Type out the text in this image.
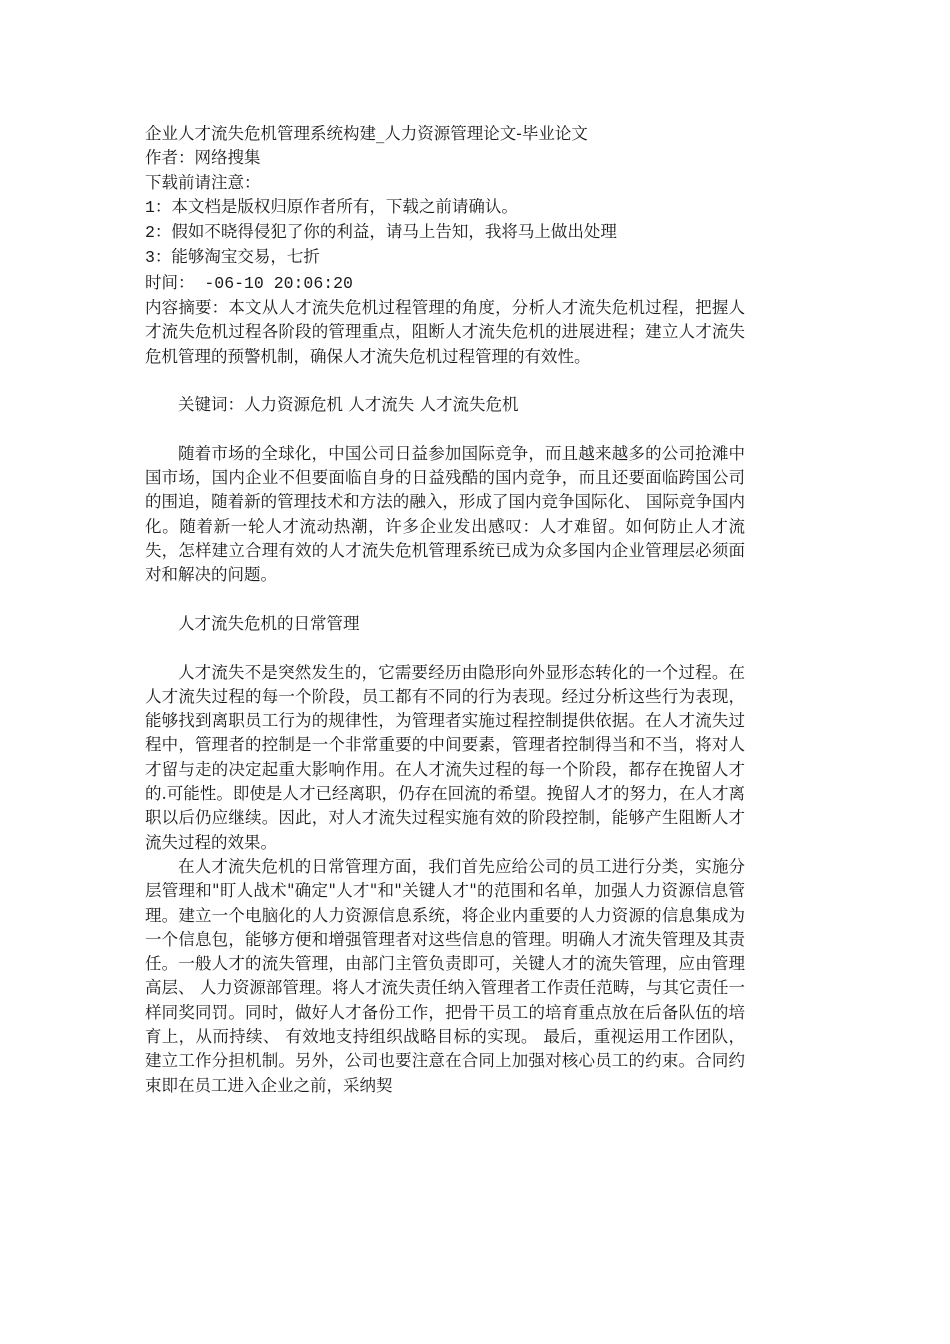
企业人才流失危机管理系统构建_人力资源管理论文-毕业论文

作者：网络搜集

下载前请注意：

1：本文档是版权归原作者所有，下载之前请确认。

2：假如不晓得侵犯了你的利益，请马上告知，我将马上做出处理

3：能够淘宝交易，七折

时间： -06-10 20:06:20

内容摘要：本文从人才流失危机过程管理的角度，分析人才流失危机过程，把握人才流失危机过程各阶段的管理重点，阻断人才流失危机的进展进程；建立人才流失危机管理的预警机制，确保人才流失危机过程管理的有效性。

关键词：人力资源危机 人才流失 人才流失危机

随着市场的全球化，中国公司日益参加国际竞争，而且越来越多的公司抢滩中国市场，国内企业不但要面临自身的日益残酷的国内竞争，而且还要面临跨国公司的围追，随着新的管理技术和方法的融入，形成了国内竞争国际化、 国际竞争国内化。随着新一轮人才流动热潮，许多企业发出感叹：人才难留。如何防止人才流失，怎样建立合理有效的人才流失危机管理系统已成为众多国内企业管理层必须面对和解决的问题。

人才流失危机的日常管理

人才流失不是突然发生的，它需要经历由隐形向外显形态转化的一个过程。在人才流失过程的每一个阶段，员工都有不同的行为表现。经过分析这些行为表现，能够找到离职员工行为的规律性，为管理者实施过程控制提供依据。在人才流失过程中，管理者的控制是一个非常重要的中间要素，管理者控制得当和不当，将对人才留与走的决定起重大影响作用。在人才流失过程的每一个阶段，都存在挽留人才的.可能性。即使是人才已经离职，仍存在回流的希望。挽留人才的努力，在人才离职以后仍应继续。因此，对人才流失过程实施有效的阶段控制，能够产生阻断人才流失过程的效果。

在人才流失危机的日常管理方面，我们首先应给公司的员工进行分类，实施分层管理和"盯人战术"确定"人才"和"关键人才"的范围和名单，加强人力资源信息管理。建立一个电脑化的人力资源信息系统，将企业内重要的人力资源的信息集成为一个信息包，能够方便和增强管理者对这些信息的管理。明确人才流失管理及其责任。一般人才的流失管理，由部门主管负责即可，关键人才的流失管理，应由管理高层、 人力资源部管理。将人才流失责任纳入管理者工作责任范畴，与其它责任一样同奖同罚。同时，做好人才备份工作，把骨干员工的培育重点放在后备队伍的培育上，从而持续、 有效地支持组织战略目标的实现。 最后，重视运用工作团队，建立工作分担机制。另外，公司也要注意在合同上加强对核心员工的约束。合同约束即在员工进入企业之前，采纳契
